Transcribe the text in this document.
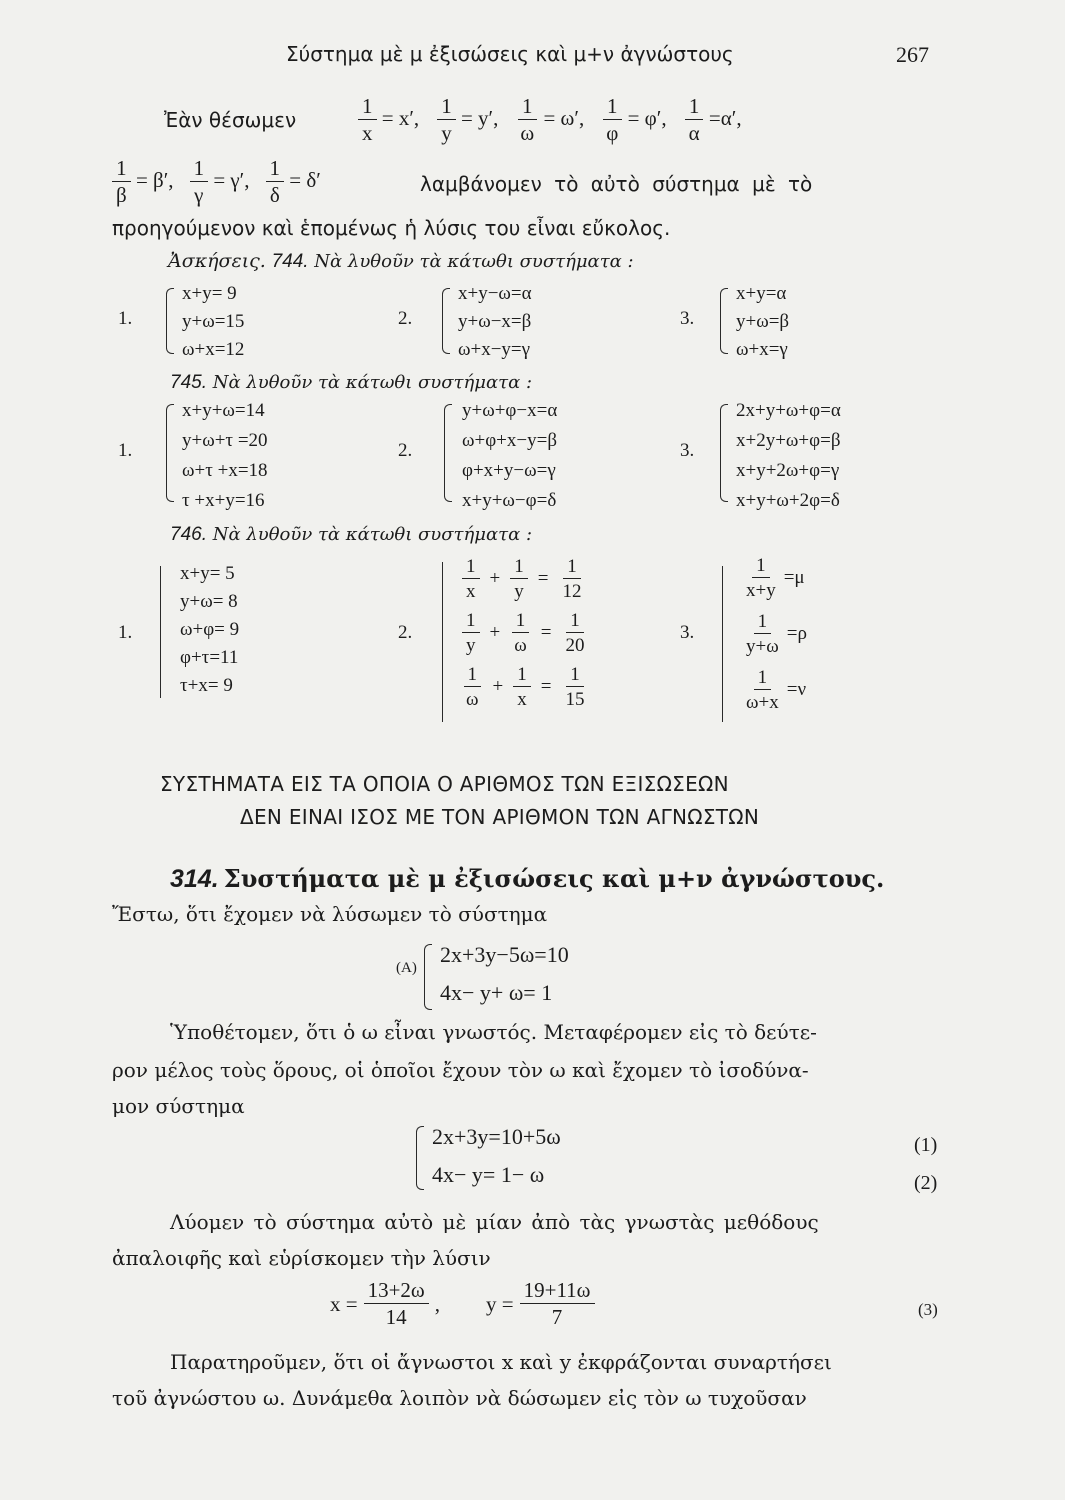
Σύστημα μὲ μ ἐξισώσεις καὶ μ+ν ἀγνώστους	267
Ἐὰν θέσωμεν	$\frac{1}{x} = x'$, $\frac{1}{y} = y'$, $\frac{1}{\omega} = \omega'$, $\frac{1}{\varphi} = \varphi'$, $\frac{1}{\alpha} =\alpha'$,
$\frac{1}{\beta} = \beta'$, $\frac{1}{\gamma} = \gamma'$, $\frac{1}{\delta} = \delta'$	λαμβάνομεν τὸ αὐτὸ σύστημα μὲ τὸ
προηγούμενον καὶ ἑπομένως ἡ λύσις του εἶναι εὔκολος.
Ἀσκήσεις. 744. Νὰ λυθοῦν τὰ κάτωθι συστήματα :
1.
x+y= 9
y+ω=15
ω+x=12
2.
x+y−ω=α
y+ω−x=β
ω+x−y=γ
3.
x+y=α
y+ω=β
ω+x=γ
745. Νὰ λυθοῦν τὰ κάτωθι συστήματα :
1.
x+y+ω=14
y+ω+τ =20
ω+τ +x=18
τ +x+y=16
2.
y+ω+φ−x=α
ω+φ+x−y=β
φ+x+y−ω=γ
x+y+ω−φ=δ
3.
2x+y+ω+φ=α
x+2y+ω+φ=β
x+y+2ω+φ=γ
x+y+ω+2φ=δ
746. Νὰ λυθοῦν τὰ κάτωθι συστήματα :
1.
x+y= 5
y+ω= 8
ω+φ= 9
φ+τ=11
τ+x= 9
2.
$\frac{1}{x} + \frac{1}{y} = \frac{1}{12}$
$\frac{1}{y} + \frac{1}{\omega} = \frac{1}{20}$
$\frac{1}{\omega} + \frac{1}{x} = \frac{1}{15}$
3.
$\frac{1}{x+y} =\mu$
$\frac{1}{y+\omega} =\rho$
$\frac{1}{\omega+x} =\nu$
ΣΥΣΤΗΜΑΤΑ ΕΙΣ ΤΑ ΟΠΟΙΑ Ο ΑΡΙΘΜΟΣ ΤΩΝ ΕΞΙΣΩΣΕΩΝ
ΔΕΝ ΕΙΝΑΙ ΙΣΟΣ ΜΕ ΤΟΝ ΑΡΙΘΜΟΝ ΤΩΝ ΑΓΝΩΣΤΩΝ
314. Συστήματα μὲ μ ἐξισώσεις καὶ μ+ν ἀγνώστους.
Ἔστω, ὅτι ἔχομεν νὰ λύσωμεν τὸ σύστημα
(Α)
2x+3y−5ω=10
4x− y+ ω= 1
Ὑποθέτομεν, ὅτι ὁ ω εἶναι γνωστός. Μεταφέρομεν εἰς τὸ δεύτε-
ρον μέλος τοὺς ὅρους, οἱ ὁποῖοι ἔχουν τὸν ω καὶ ἔχομεν τὸ ἰσοδύνα-
μον σύστημα
2x+3y=10+5ω
4x− y= 1− ω
(1)
(2)
Λύομεν τὸ σύστημα αὐτὸ μὲ μίαν ἀπὸ τὰς γνωστὰς μεθόδους
ἀπαλοιφῆς καὶ εὑρίσκομεν τὴν λύσιν
$x = \frac{13+2\omega}{14}$ , $y = \frac{19+11\omega}{7}$	(3)
Παρατηροῦμεν, ὅτι οἱ ἄγνωστοι x καὶ y ἐκφράζονται συναρτήσει
τοῦ ἀγνώστου ω. Δυνάμεθα λοιπὸν νὰ δώσωμεν εἰς τὸν ω τυχοῦσαν
